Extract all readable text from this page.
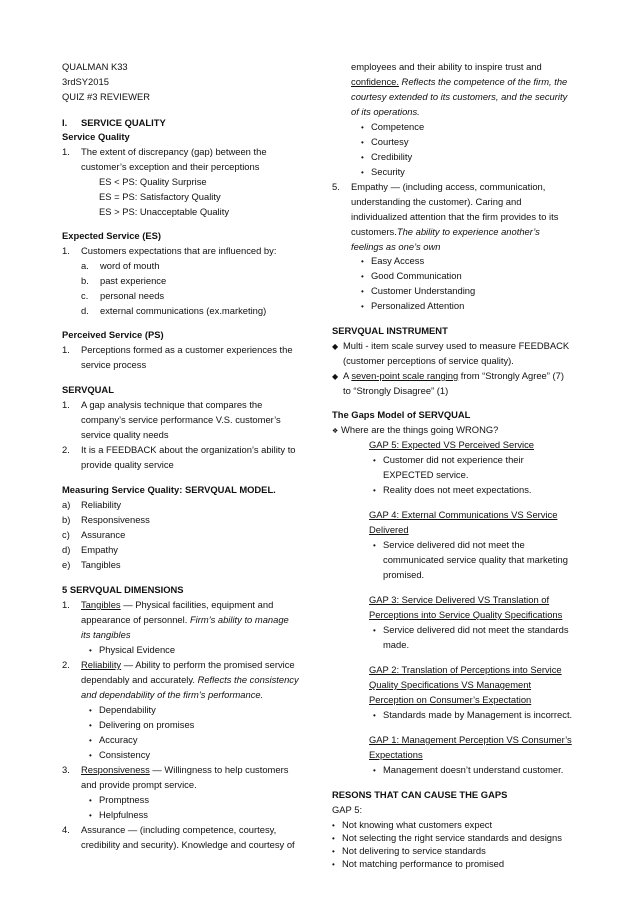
QUALMAN K33
3rdSY2015
QUIZ #3 REVIEWER
I. SERVICE QUALITY
Service Quality
1. The extent of discrepancy (gap) between the
customer’s exception and their perceptions
ES < PS: Quality Surprise
ES = PS: Satisfactory Quality
ES > PS: Unacceptable Quality
Expected Service (ES)
1. Customers expectations that are influenced by:
a. word of mouth
b. past experience
c. personal needs
d. external communications (ex.marketing)
Perceived Service (PS)
1. Perceptions formed as a customer experiences the
service process
SERVQUAL
1. A gap analysis technique that compares the
company’s service performance V.S. customer’s
service quality needs
2. It is a FEEDBACK about the organization’s ability to
provide quality service
Measuring Service Quality: SERVQUAL MODEL.
a) Reliability
b) Responsiveness
c) Assurance
d) Empathy
e) Tangibles
5 SERVQUAL DIMENSIONS
1. Tangibles — Physical facilities, equipment and
appearance of personnel. Firm’s ability to manage
its tangibles
• Physical Evidence
2. Reliability — Ability to perform the promised service
dependably and accurately. Reflects the consistency
and dependability of the firm’s performance.
• Dependability
• Delivering on promises
• Accuracy
• Consistency
3. Responsiveness — Willingness to help customers
and provide prompt service.
• Promptness
• Helpfulness
4. Assurance — (including competence, courtesy,
credibility and security). Knowledge and courtesy of
employees and their ability to inspire trust and
confidence. Reflects the competence of the firm, the
courtesy extended to its customers, and the security
of its operations.
• Competence
• Courtesy
• Credibility
• Security
5. Empathy — (including access, communication,
understanding the customer). Caring and
individualized attention that the firm provides to its
customers.The ability to experience another’s
feelings as one’s own
• Easy Access
• Good Communication
• Customer Understanding
• Personalized Attention
SERVQUAL INSTRUMENT
◆ Multi - item scale survey used to measure FEEDBACK
(customer perceptions of service quality).
◆ A seven-point scale ranging from “Strongly Agree” (7)
to “Strongly Disagree” (1)
The Gaps Model of SERVQUAL
❖ Where are the things going WRONG?
GAP 5: Expected VS Perceived Service
• Customer did not experience their
EXPECTED service.
• Reality does not meet expectations.
GAP 4: External Communications VS Service
Delivered
• Service delivered did not meet the
communicated service quality that marketing
promised.
GAP 3: Service Delivered VS Translation of
Perceptions into Service Quality Specifications
• Service delivered did not meet the standards
made.
GAP 2: Translation of Perceptions into Service
Quality Specifications VS Management
Perception on Consumer’s Expectation
• Standards made by Management is incorrect.
GAP 1: Management Perception VS Consumer’s
Expectations
• Management doesn’t understand customer.
RESONS THAT CAN CAUSE THE GAPS
GAP 5:
• Not knowing what customers expect
• Not selecting the right service standards and designs
• Not delivering to service standards
• Not matching performance to promised
